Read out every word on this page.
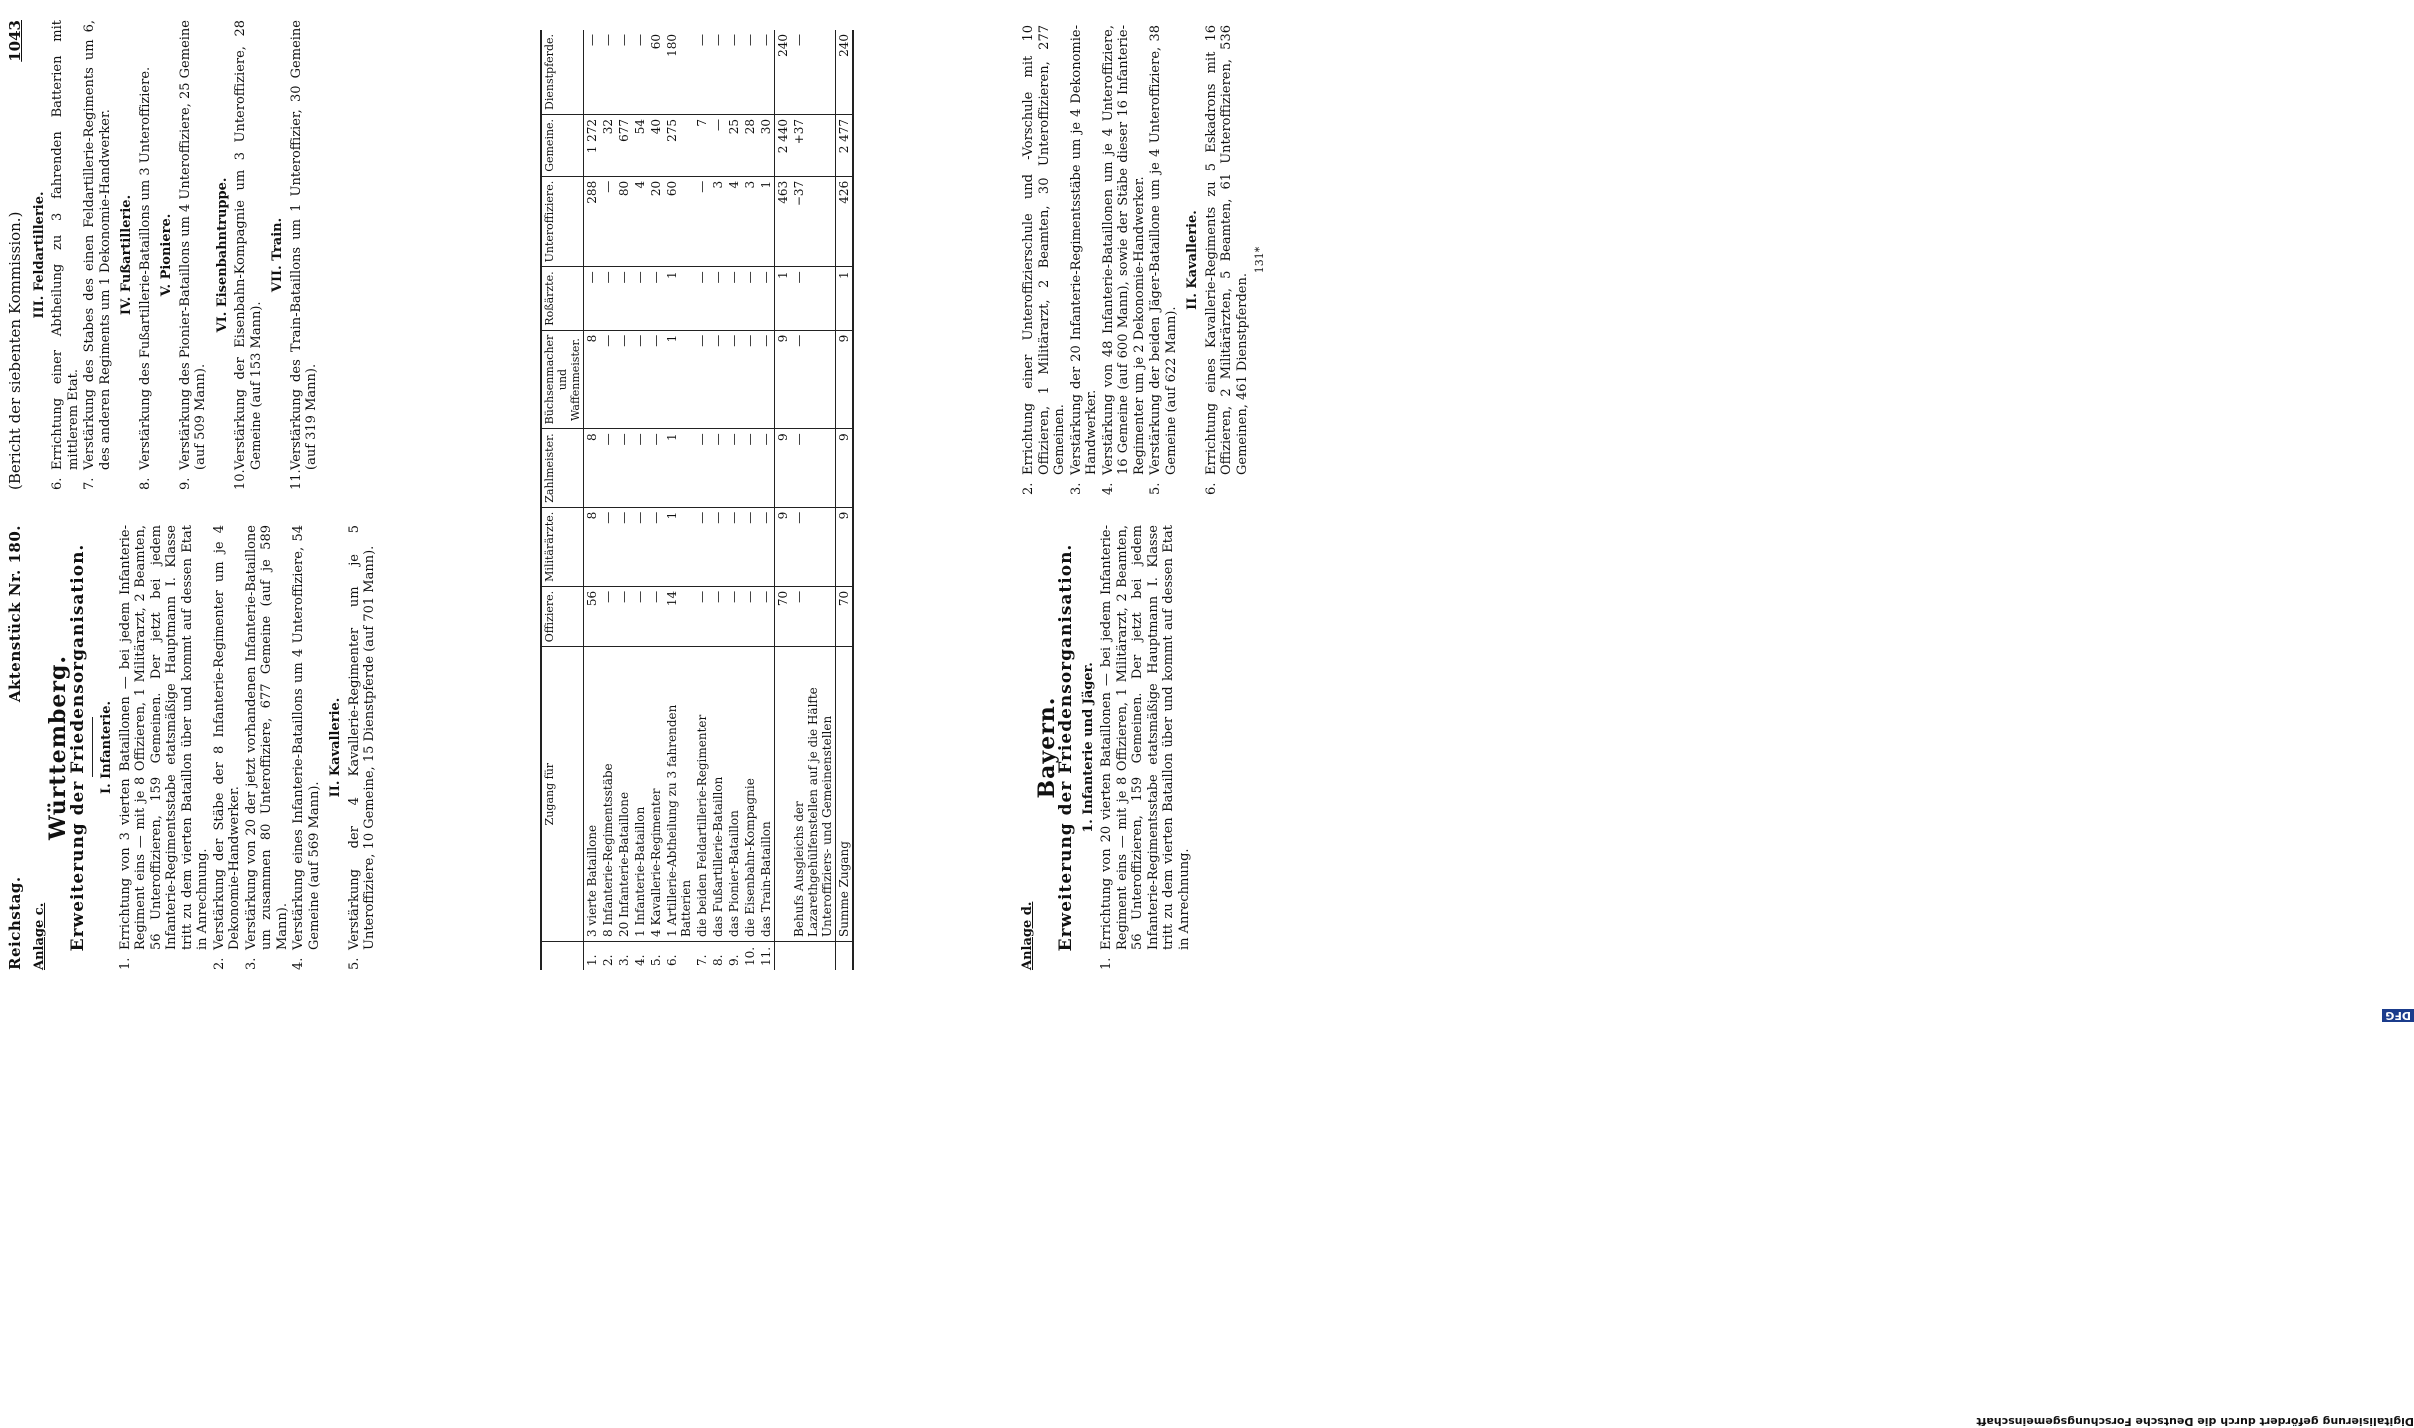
Reichstag.
Aktenstück Nr. 180.
Anlage c.
Württemberg.
Erweiterung der Friedensorganisation. I. Infanterie.
1.
Errichtung von 3 vierten Bataillonen — bei jedem Infanterie-Regiment eins — mit je 8 Offizieren, 1 Militärarzt, 2 Beamten, 56 Unteroffizieren, 159 Gemeinen. Der jetzt bei jedem Infanterie-Regimentsstabe etatsmäßige Hauptmann I. Klasse tritt zu dem vierten Bataillon über und kommt auf dessen Etat in Anrechnung.
2.
Verstärkung der Stäbe der 8 Infanterie-Regimenter um je 4 Dekonomie-Handwerker.
3.
Verstärkung von 20 der jetzt vorhandenen Infanterie-Bataillone um zusammen 80 Unteroffiziere, 677 Gemeine (auf je 589 Mann).
4.
Verstärkung eines Infanterie-Bataillons um 4 Unteroffiziere, 54 Gemeine (auf 569 Mann).
II. Kavallerie.
5.
Verstärkung der 4 Kavallerie-Regimenter um je 5 Unteroffiziere, 10 Gemeine, 15 Dienstpferde (auf 701 Mann).
(Bericht der siebenten Kommission.)
1043
III. Feldartillerie.
6.
Errichtung einer Abtheilung zu 3 fahrenden Batterien mit mittlerem Etat.
7.
Verstärkung des Stabes des einen Feldartillerie-Regiments um 6, des anderen Regiments um 1 Dekonomie-Handwerker. IV. Fußartillerie.
8.
Verstärkung des Fußartillerie-Bataillons um 3 Unteroffiziere. V. Pioniere.
9.
Verstärkung des Pionier-Bataillons um 4 Unteroffiziere, 25 Gemeine (auf 509 Mann).
VI. Eisenbahntruppe.
10.
Verstärkung der Eisenbahn-Kompagnie um 3 Unteroffiziere, 28 Gemeine (auf 153 Mann).
VII. Train.
11.
Verstärkung des Train-Bataillons um 1 Unteroffizier, 30 Gemeine (auf 319 Mann).
	Zugang für	Offiziere.	Militärärzte.	Zahlmeister.	Büchsenmacher und Waffenmeister.	Roßärzte.	Unteroffiziere.	Gemeine.	Dienstpferde.
1.	3 vierte Bataillone	56	8	8	8	—	288	1 272	—
2.	8 Infanterie-Regimentsstäbe	—	—	—	—	—	—	32	—
3.	20 Infanterie-Bataillone	—	—	—	—	—	80	677	—
4.	1 Infanterie-Bataillon	—	—	—	—	—	4	54	—
5.	4 Kavallerie-Regimenter	—	—	—	—	—	20	40	60
6.	1 Artillerie-Abtheilung zu 3 fahrenden Batterien	14	1	1	1	1	60	275	180
7.	die beiden Feldartillerie-Regimenter	—	—	—	—	—	—	7	—
8.	das Fußartillerie-Bataillon	—	—	—	—	—	3	—	—
9.	das Pionier-Bataillon	—	—	—	—	—	4	25	—
10.	die Eisenbahn-Kompagnie	—	—	—	—	—	3	28	—
11.	das Train-Bataillon	—	—	—	—	—	1	30	—
		70	9	9	9	1	463	2 440	240
	Behufs Ausgleichs der Lazarethgehülfenstellen auf je die Hälfte Unteroffiziers- und Gemeinenstellen	—	—	—	—	—	−37	+37	—
	Summe Zugang	70	9	9	9	1	426	2 477	240
Anlage d.
Bayern.
Erweiterung der Friedensorganisation. 1. Infanterie und Jäger.
1.
Errichtung von 20 vierten Bataillonen — bei jedem Infanterie-Regiment eins — mit je 8 Offizieren, 1 Militärarzt, 2 Beamten, 56 Unteroffizieren, 159 Gemeinen. Der jetzt bei jedem Infanterie-Regimentsstabe etatsmäßige Hauptmann I. Klasse tritt zu dem vierten Bataillon über und kommt auf dessen Etat in Anrechnung.
2.
Errichtung einer Unteroffizierschule und -Vorschule mit 10 Offizieren, 1 Militärarzt, 2 Beamten, 30 Unteroffizieren, 277 Gemeinen.
3.
Verstärkung der 20 Infanterie-Regimentsstäbe um je 4 Dekonomie-Handwerker.
4.
Verstärkung von 48 Infanterie-Bataillonen um je 4 Unteroffiziere, 16 Gemeine (auf 600 Mann), sowie der Stäbe dieser 16 Infanterie-Regimenter um je 2 Dekonomie-Handwerker.
5.
Verstärkung der beiden Jäger-Bataillone um je 4 Unteroffiziere, 38 Gemeine (auf 622 Mann).
II. Kavallerie.
6.
Errichtung eines Kavallerie-Regiments zu 5 Eskadrons mit 16 Offizieren, 2 Militärärzten, 5 Beamten, 61 Unteroffizieren, 536 Gemeinen, 461 Dienstpferden.
131*
Digitalisierung gefördert durch die Deutsche Forschungsgemeinschaft
DFG
